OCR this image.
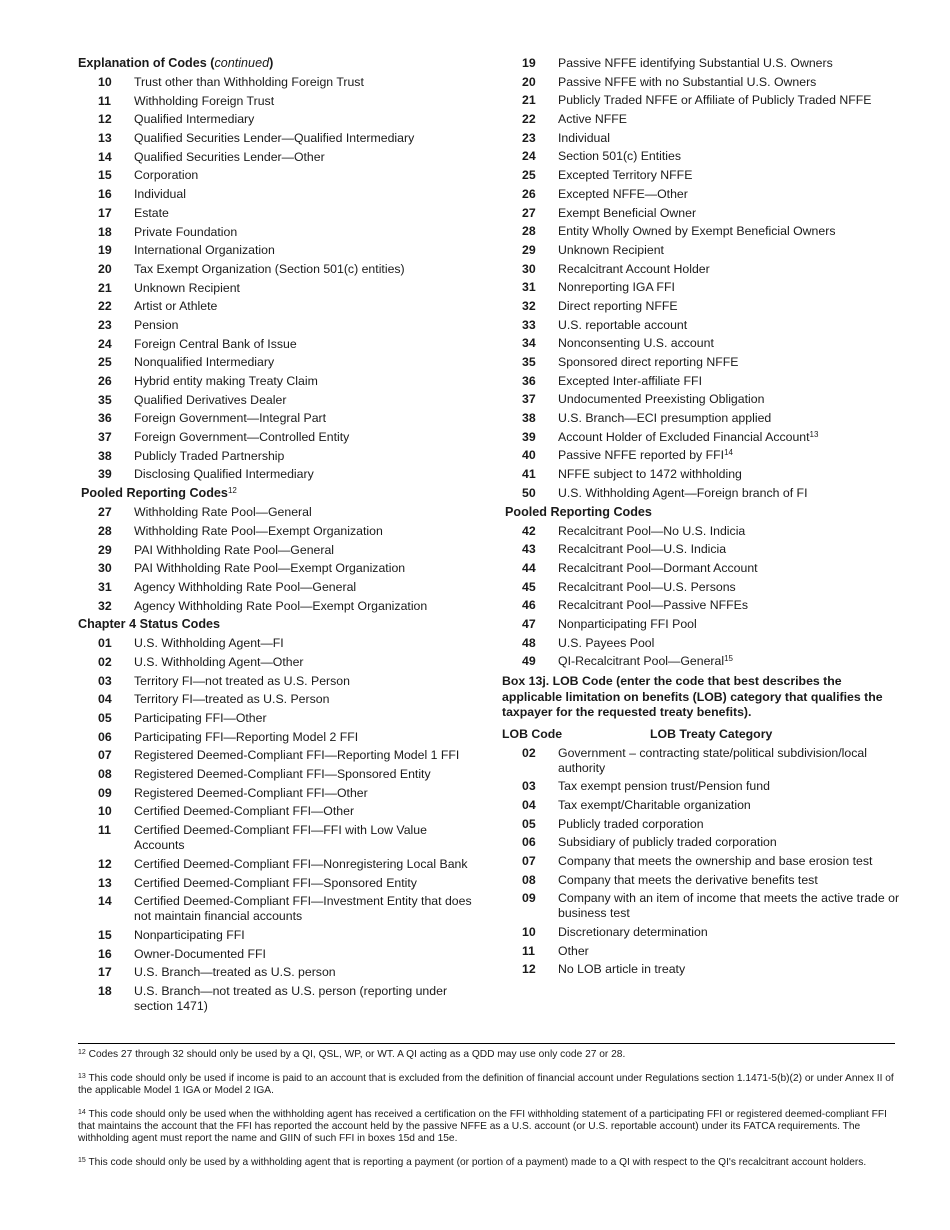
Explanation of Codes (continued)
10	Trust other than Withholding Foreign Trust
11	Withholding Foreign Trust
12	Qualified Intermediary
13	Qualified Securities Lender—Qualified Intermediary
14	Qualified Securities Lender—Other
15	Corporation
16	Individual
17	Estate
18	Private Foundation
19	International Organization
20	Tax Exempt Organization (Section 501(c) entities)
21	Unknown Recipient
22	Artist or Athlete
23	Pension
24	Foreign Central Bank of Issue
25	Nonqualified Intermediary
26	Hybrid entity making Treaty Claim
35	Qualified Derivatives Dealer
36	Foreign Government—Integral Part
37	Foreign Government—Controlled Entity
38	Publicly Traded Partnership
39	Disclosing Qualified Intermediary
Pooled Reporting Codes$^{12}$
27	Withholding Rate Pool—General
28	Withholding Rate Pool—Exempt Organization
29	PAI Withholding Rate Pool—General
30	PAI Withholding Rate Pool—Exempt Organization
31	Agency Withholding Rate Pool—General
32	Agency Withholding Rate Pool—Exempt Organization
Chapter 4 Status Codes
01	U.S. Withholding Agent—FI
02	U.S. Withholding Agent—Other
03	Territory FI—not treated as U.S. Person
04	Territory FI—treated as U.S. Person
05	Participating FFI—Other
06	Participating FFI—Reporting Model 2 FFI
07	Registered Deemed-Compliant FFI—Reporting Model 1 FFI
08	Registered Deemed-Compliant FFI—Sponsored Entity
09	Registered Deemed-Compliant FFI—Other
10	Certified Deemed-Compliant FFI—Other
11	Certified Deemed-Compliant FFI—FFI with Low Value Accounts
12	Certified Deemed-Compliant FFI—Nonregistering Local Bank
13	Certified Deemed-Compliant FFI—Sponsored Entity
14	Certified Deemed-Compliant FFI—Investment Entity that does not maintain financial accounts
15	Nonparticipating FFI
16	Owner-Documented FFI
17	U.S. Branch—treated as U.S. person
18	U.S. Branch—not treated as U.S. person (reporting under section 1471)
19	Passive NFFE identifying Substantial U.S. Owners
20	Passive NFFE with no Substantial U.S. Owners
21	Publicly Traded NFFE or Affiliate of Publicly Traded NFFE
22	Active NFFE
23	Individual
24	Section 501(c) Entities
25	Excepted Territory NFFE
26	Excepted NFFE—Other
27	Exempt Beneficial Owner
28	Entity Wholly Owned by Exempt Beneficial Owners
29	Unknown Recipient
30	Recalcitrant Account Holder
31	Nonreporting IGA FFI
32	Direct reporting NFFE
33	U.S. reportable account
34	Nonconsenting U.S. account
35	Sponsored direct reporting NFFE
36	Excepted Inter-affiliate FFI
37	Undocumented Preexisting Obligation
38	U.S. Branch—ECI presumption applied
39	Account Holder of Excluded Financial Account$^{13}$
40	Passive NFFE reported by FFI$^{14}$
41	NFFE subject to 1472 withholding
50	U.S. Withholding Agent—Foreign branch of FI
Pooled Reporting Codes
42	Recalcitrant Pool—No U.S. Indicia
43	Recalcitrant Pool—U.S. Indicia
44	Recalcitrant Pool—Dormant Account
45	Recalcitrant Pool—U.S. Persons
46	Recalcitrant Pool—Passive NFFEs
47	Nonparticipating FFI Pool
48	U.S. Payees Pool
49	QI-Recalcitrant Pool—General$^{15}$
Box 13j. LOB Code (enter the code that best describes the applicable limitation on benefits (LOB) category that qualifies the taxpayer for the requested treaty benefits).
LOB Code	LOB Treaty Category
02	Government – contracting state/political subdivision/local authority
03	Tax exempt pension trust/Pension fund
04	Tax exempt/Charitable organization
05	Publicly traded corporation
06	Subsidiary of publicly traded corporation
07	Company that meets the ownership and base erosion test
08	Company that meets the derivative benefits test
09	Company with an item of income that meets the active trade or business test
10	Discretionary determination
11	Other
12	No LOB article in treaty
$^{12}$ Codes 27 through 32 should only be used by a QI, QSL, WP, or WT. A QI acting as a QDD may use only code 27 or 28.
$^{13}$ This code should only be used if income is paid to an account that is excluded from the definition of financial account under Regulations section 1.1471-5(b)(2) or under Annex II of the applicable Model 1 IGA or Model 2 IGA.
$^{14}$ This code should only be used when the withholding agent has received a certification on the FFI withholding statement of a participating FFI or registered deemed-compliant FFI that maintains the account that the FFI has reported the account held by the passive NFFE as a U.S. account (or U.S. reportable account) under its FATCA requirements. The withholding agent must report the name and GIIN of such FFI in boxes 15d and 15e.
$^{15}$ This code should only be used by a withholding agent that is reporting a payment (or portion of a payment) made to a QI with respect to the QI's recalcitrant account holders.
